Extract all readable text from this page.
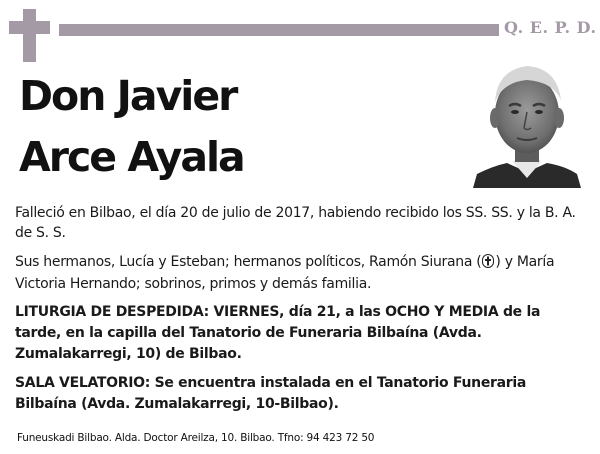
Q. E. P. D.
Don Javier
Arce Ayala
Falleció en Bilbao, el día 20 de julio de 2017, habiendo recibido los SS. SS. y la B. A. de S. S.
Sus hermanos, Lucía y Esteban; hermanos políticos, Ramón Siurana ( ) y María Victoria Hernando; sobrinos, primos y demás familia.
LITURGIA DE DESPEDIDA: VIERNES, día 21, a las OCHO Y MEDIA de la tarde, en la capilla del Tanatorio de Funeraria Bilbaína (Avda. Zumalakarregi, 10) de Bilbao.
SALA VELATORIO: Se encuentra instalada en el Tanatorio Funeraria Bilbaína (Avda. Zumalakarregi, 10-Bilbao).
Funeuskadi Bilbao. Alda. Doctor Areilza, 10. Bilbao. Tfno: 94 423 72 50
